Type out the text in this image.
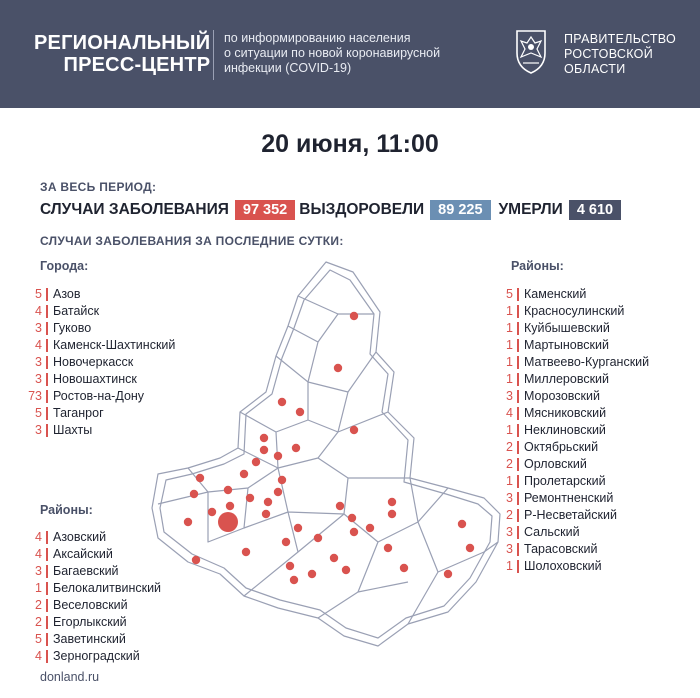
РЕГИОНАЛЬНЫЙ
ПРЕСС-ЦЕНТР
по информированию населения
о ситуации по новой коронавирусной
инфекции (COVID-19)
ПРАВИТЕЛЬСТВО
РОСТОВСКОЙ
ОБЛАСТИ
20 июня, 11:00
ЗА ВЕСЬ ПЕРИОД:
СЛУЧАИ ЗАБОЛЕВАНИЯ 97 352 ВЫЗДОРОВЕЛИ 89 225	УМЕРЛИ 4 610
СЛУЧАИ ЗАБОЛЕВАНИЯ ЗА ПОСЛЕДНИЕ СУТКИ:
Города:
5 Азов
4 Батайск
3 Гуково
4 Каменск-Шахтинский
3 Новочеркасск
3 Новошахтинск
73 Ростов-на-Дону
5 Таганрог
3 Шахты
Районы:
4 Азовский
4 Аксайский
3 Багаевский
1 Белокалитвинский
2 Веселовский
2 Егорлыкский
5 Заветинский
4 Зерноградский
Районы:
5 Каменский
1 Красносулинский
1 Куйбышевский
1 Мартыновский
1 Матвеево-Курганский
1 Миллеровский
3 Морозовский
4 Мясниковский
1 Неклиновский
2 Октябрьский
2 Орловский
1 Пролетарский
3 Ремонтненский
2 Р-Несветайский
3 Сальский
3 Тарасовский
1 Шолоховский
donland.ru
